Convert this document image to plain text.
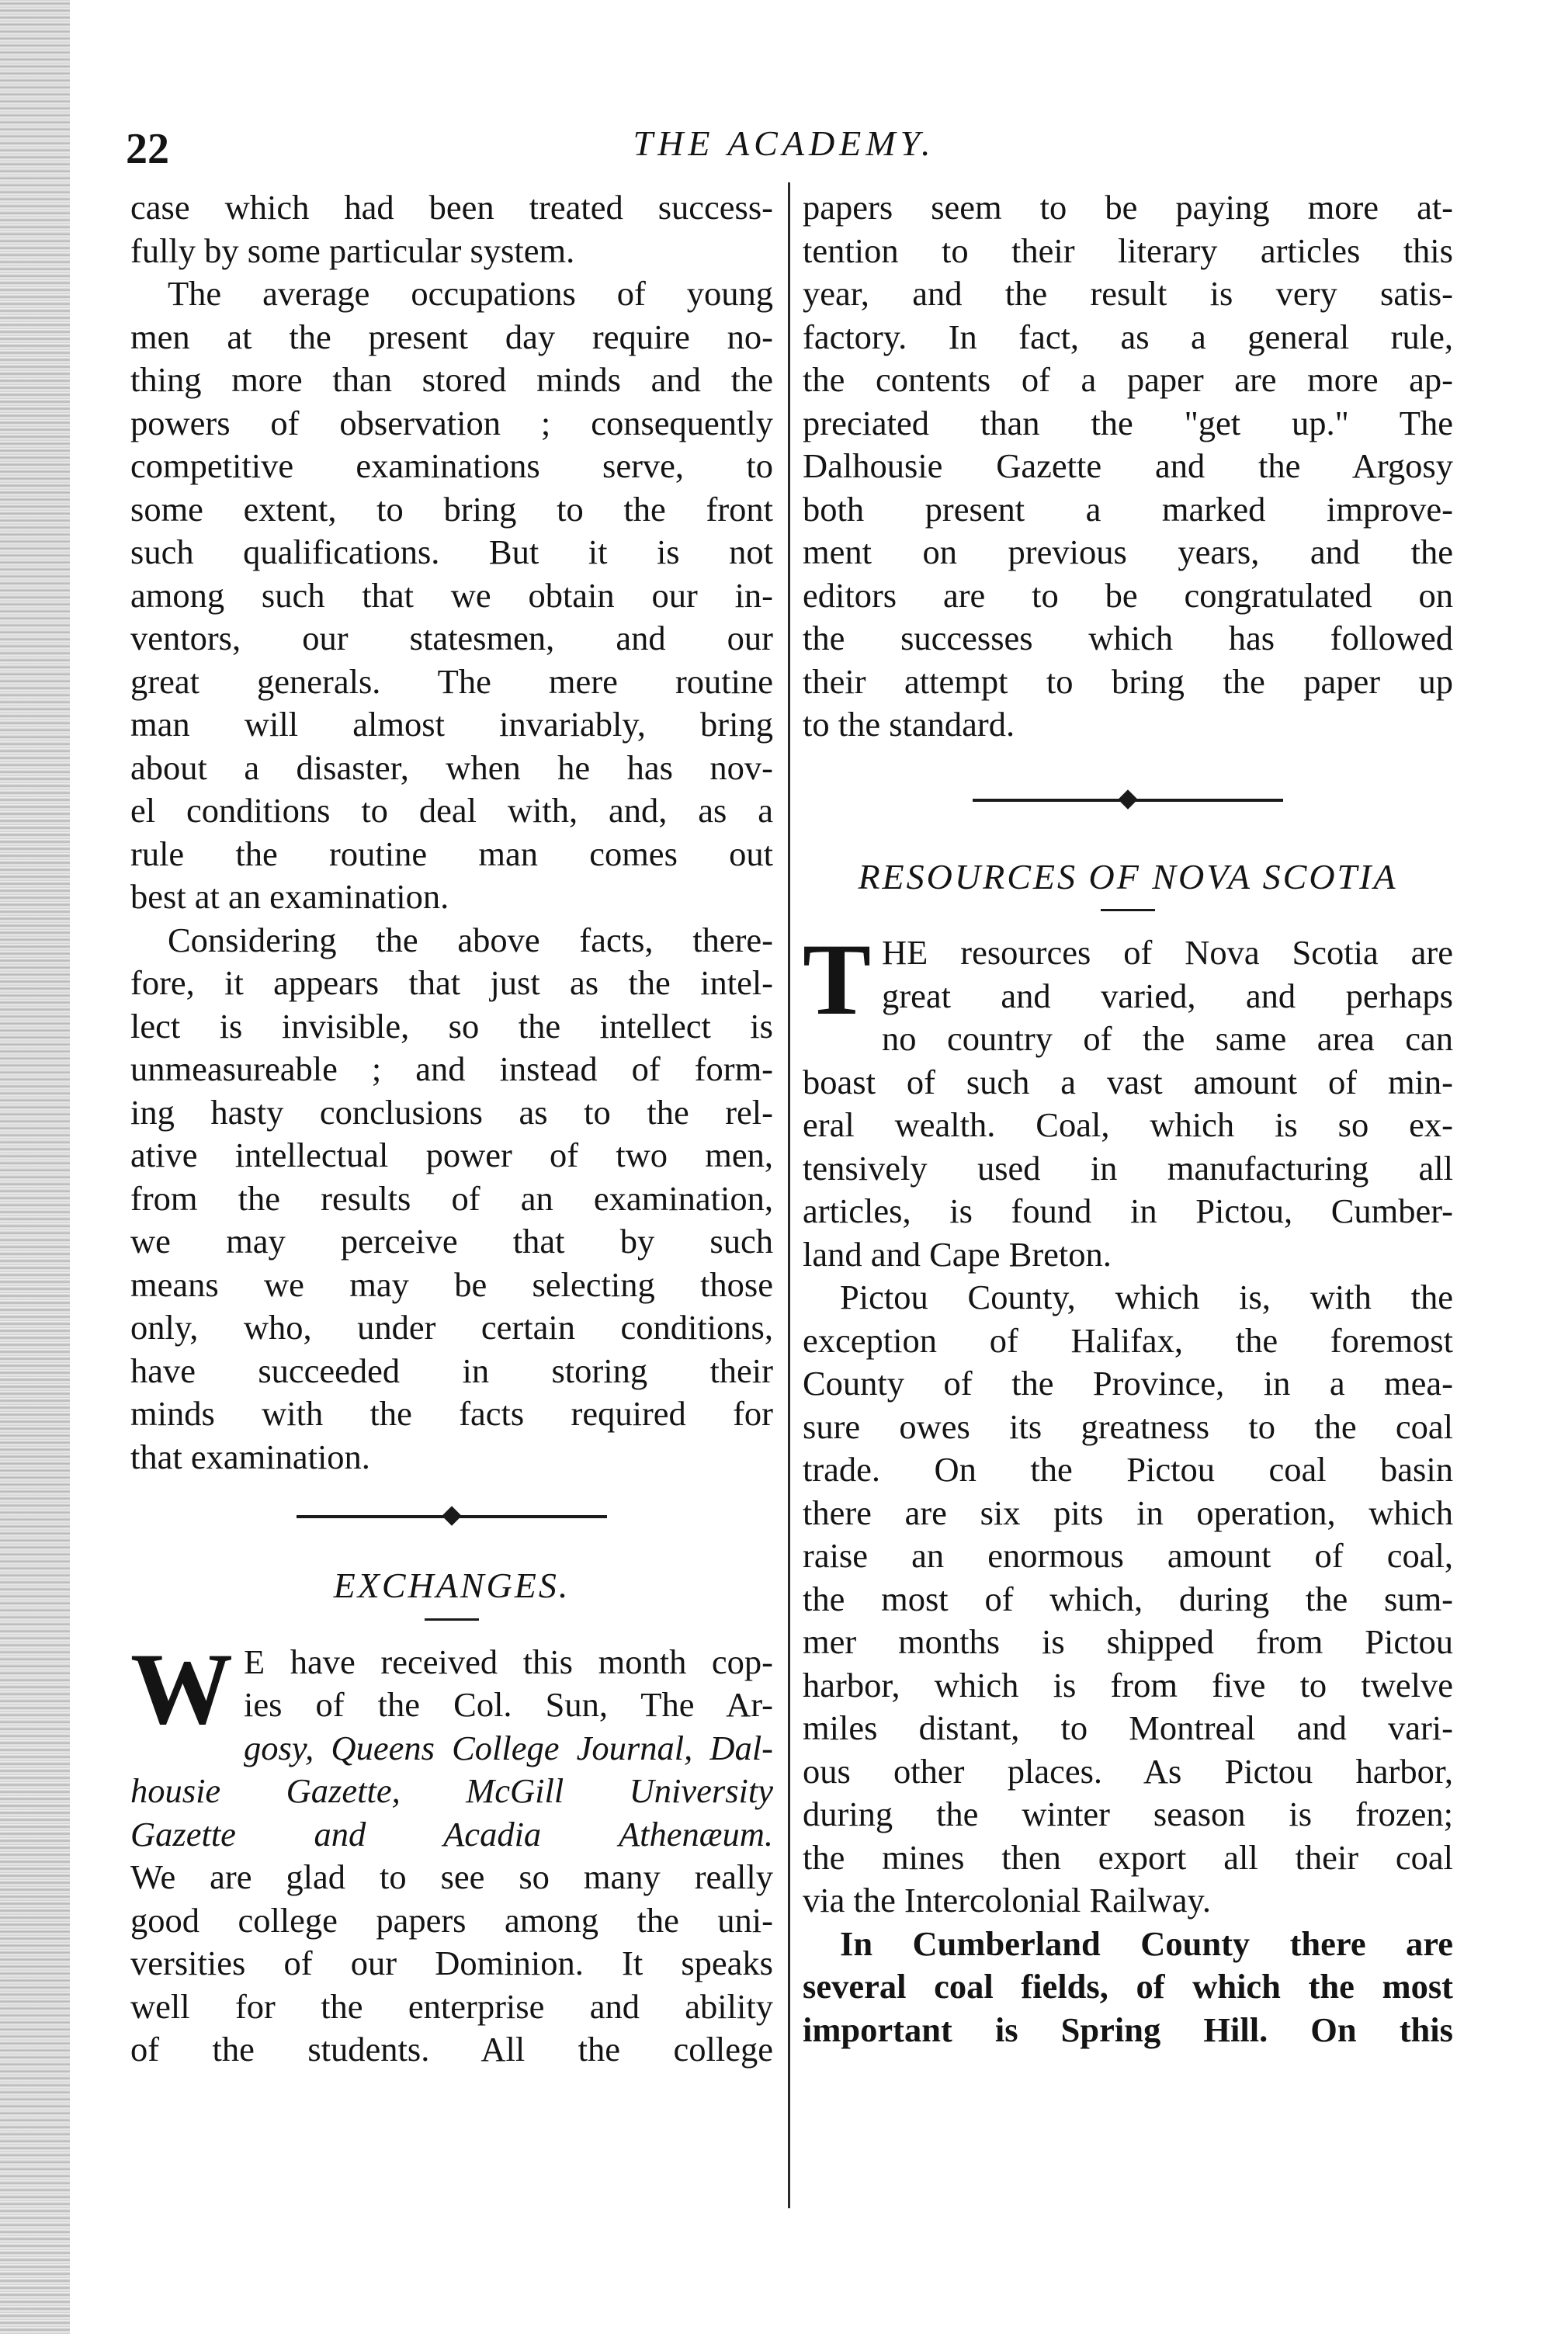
22	THE ACADEMY.
case which had been treated success-
fully by some particular system.
The average occupations of young
men at the present day require no-
thing more than stored minds and the
powers of observation ; consequently
competitive examinations serve, to
some extent, to bring to the front
such qualifications. But it is not
among such that we obtain our in-
ventors, our statesmen, and our
great generals. The mere routine
man will almost invariably, bring
about a disaster, when he has nov-
el conditions to deal with, and, as a
rule the routine man comes out
best at an examination.
Considering the above facts, there-
fore, it appears that just as the intel-
lect is invisible, so the intellect is
unmeasureable ; and instead of form-
ing hasty conclusions as to the rel-
ative intellectual power of two men,
from the results of an examination,
we may perceive that by such
means we may be selecting those
only, who, under certain conditions,
have succeeded in storing their
minds with the facts required for
that examination.
EXCHANGES.
W E have received this month cop-
ies of the Col. Sun, The Ar-
gosy, Queens College Journal, Dal-
housie Gazette, McGill University
Gazette and Acadia Athenæum.
We are glad to see so many really
good college papers among the uni-
versities of our Dominion. It speaks
well for the enterprise and ability
of the students. All the college
papers seem to be paying more at-
tention to their literary articles this
year, and the result is very satis-
factory. In fact, as a general rule,
the contents of a paper are more ap-
preciated than the "get up." The
Dalhousie Gazette and the Argosy
both present a marked improve-
ment on previous years, and the
editors are to be congratulated on
the successes which has followed
their attempt to bring the paper up
to the standard.
RESOURCES OF NOVA SCOTIA
T HE resources of Nova Scotia are
great and varied, and perhaps
no country of the same area can
boast of such a vast amount of min-
eral wealth. Coal, which is so ex-
tensively used in manufacturing all
articles, is found in Pictou, Cumber-
land and Cape Breton.
Pictou County, which is, with the
exception of Halifax, the foremost
County of the Province, in a mea-
sure owes its greatness to the coal
trade. On the Pictou coal basin
there are six pits in operation, which
raise an enormous amount of coal,
the most of which, during the sum-
mer months is shipped from Pictou
harbor, which is from five to twelve
miles distant, to Montreal and vari-
ous other places. As Pictou harbor,
during the winter season is frozen;
the mines then export all their coal
via the Intercolonial Railway.
In Cumberland County there are
several coal fields, of which the most
important is Spring Hill. On this
